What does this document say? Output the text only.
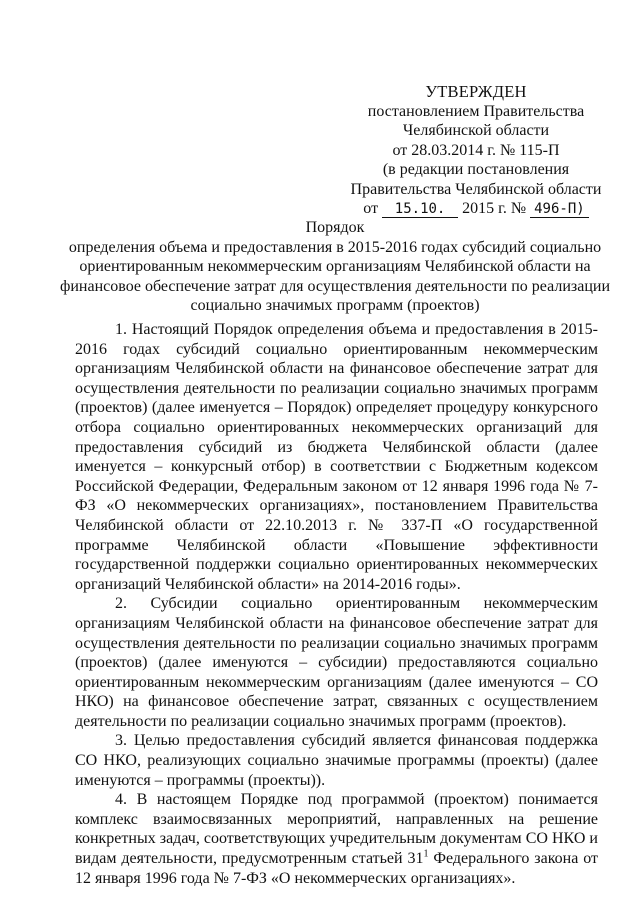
УТВЕРЖДЕН
постановлением Правительства
Челябинской области
от 28.03.2014 г. № 115-П
(в редакции постановления
Правительства Челябинской области
от 15.10. 2015 г. № 496-П)
Порядок
определения объема и предоставления в 2015-2016 годах субсидий социально
ориентированным некоммерческим организациям Челябинской области на
финансовое обеспечение затрат для осуществления деятельности по реализации
социально значимых программ (проектов)

1. Настоящий Порядок определения объема и предоставления в 2015-2016 годах субсидий социально ориентированным некоммерческим организациям Челябинской области на финансовое обеспечение затрат для осуществления деятельности по реализации социально значимых программ (проектов) (далее именуется – Порядок) определяет процедуру конкурсного отбора социально ориентированных некоммерческих организаций для предоставления субсидий из бюджета Челябинской области (далее именуется – конкурсный отбор) в соответствии с Бюджетным кодексом Российской Федерации, Федеральным законом от 12 января 1996 года № 7-ФЗ «О некоммерческих организациях», постановлением Правительства Челябинской области от 22.10.2013 г. № 337-П «О государственной программе Челябинской области «Повышение эффективности государственной поддержки социально ориентированных некоммерческих организаций Челябинской области» на 2014-2016 годы».

2. Субсидии социально ориентированным некоммерческим организациям Челябинской области на финансовое обеспечение затрат для осуществления деятельности по реализации социально значимых программ (проектов) (далее именуются – субсидии) предоставляются социально ориентированным некоммерческим организациям (далее именуются – СО НКО) на финансовое обеспечение затрат, связанных с осуществлением деятельности по реализации социально значимых программ (проектов).

3. Целью предоставления субсидий является финансовая поддержка СО НКО, реализующих социально значимые программы (проекты) (далее именуются – программы (проекты)).

4. В настоящем Порядке под программой (проектом) понимается комплекс взаимосвязанных мероприятий, направленных на решение конкретных задач, соответствующих учредительным документам СО НКО и видам деятельности, предусмотренным статьей $31^1$ Федерального закона от 12 января 1996 года № 7-ФЗ «О некоммерческих организациях».
